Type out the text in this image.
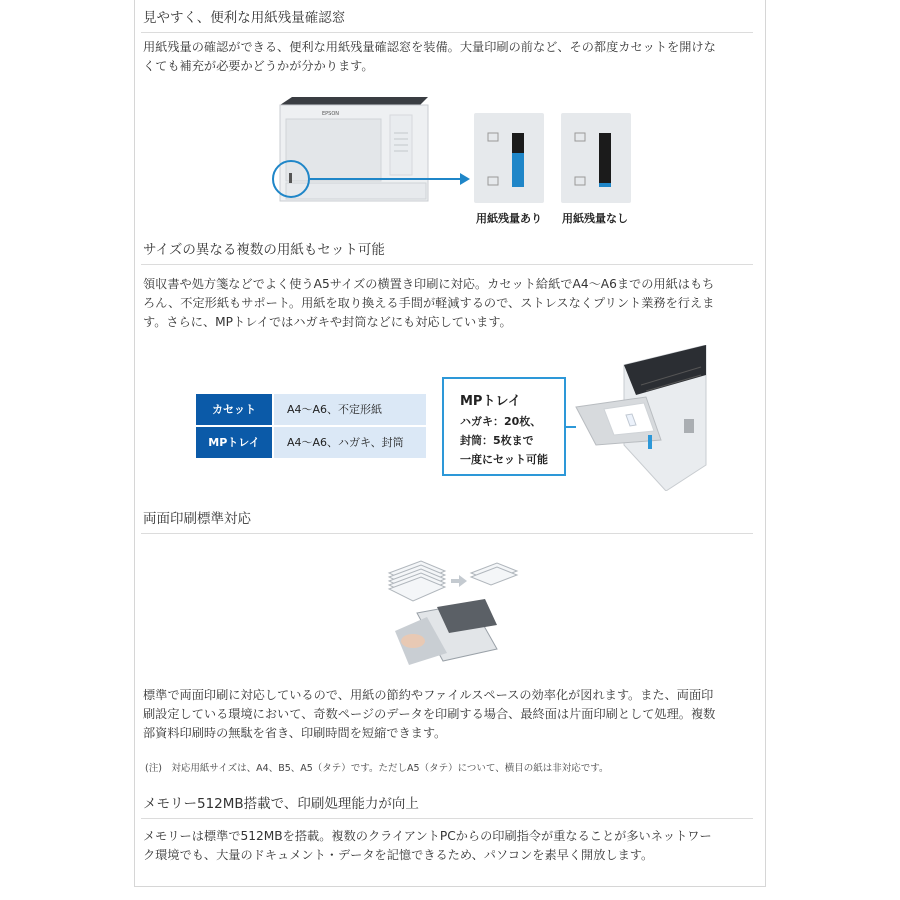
見やすく、便利な用紙残量確認窓
用紙残量の確認ができる、便利な用紙残量確認窓を装備。大量印刷の前など、その都度カセットを開けな
くても補充が必要かどうかが分かります。
EPSON
用紙残量あり 用紙残量なし
サイズの異なる複数の用紙もセット可能
領収書や処方箋などでよく使うA5サイズの横置き印刷に対応。カセット給紙でA4～A6までの用紙はもち
ろん、不定形紙もサポート。用紙を取り換える手間が軽減するので、ストレスなくプリント業務を行えま
す。さらに、MPトレイではハガキや封筒などにも対応しています。
カセット	A4～A6、不定形紙
MPトレイ	A4～A6、ハガキ、封筒
MPトレイ
ハガキ：20枚、
封筒：5枚まで
一度にセット可能
両面印刷標準対応
標準で両面印刷に対応しているので、用紙の節約やファイルスペースの効率化が図れます。また、両面印
刷設定している環境において、奇数ページのデータを印刷する場合、最終面は片面印刷として処理。複数
部資料印刷時の無駄を省き、印刷時間を短縮できます。
(注)　対応用紙サイズは、A4、B5、A5（タテ）です。ただしA5（タテ）について、横目の紙は非対応です。
メモリー512MB搭載で、印刷処理能力が向上
メモリーは標準で512MBを搭載。複数のクライアントPCからの印刷指令が重なることが多いネットワー
ク環境でも、大量のドキュメント・データを記憶できるため、パソコンを素早く開放します。
